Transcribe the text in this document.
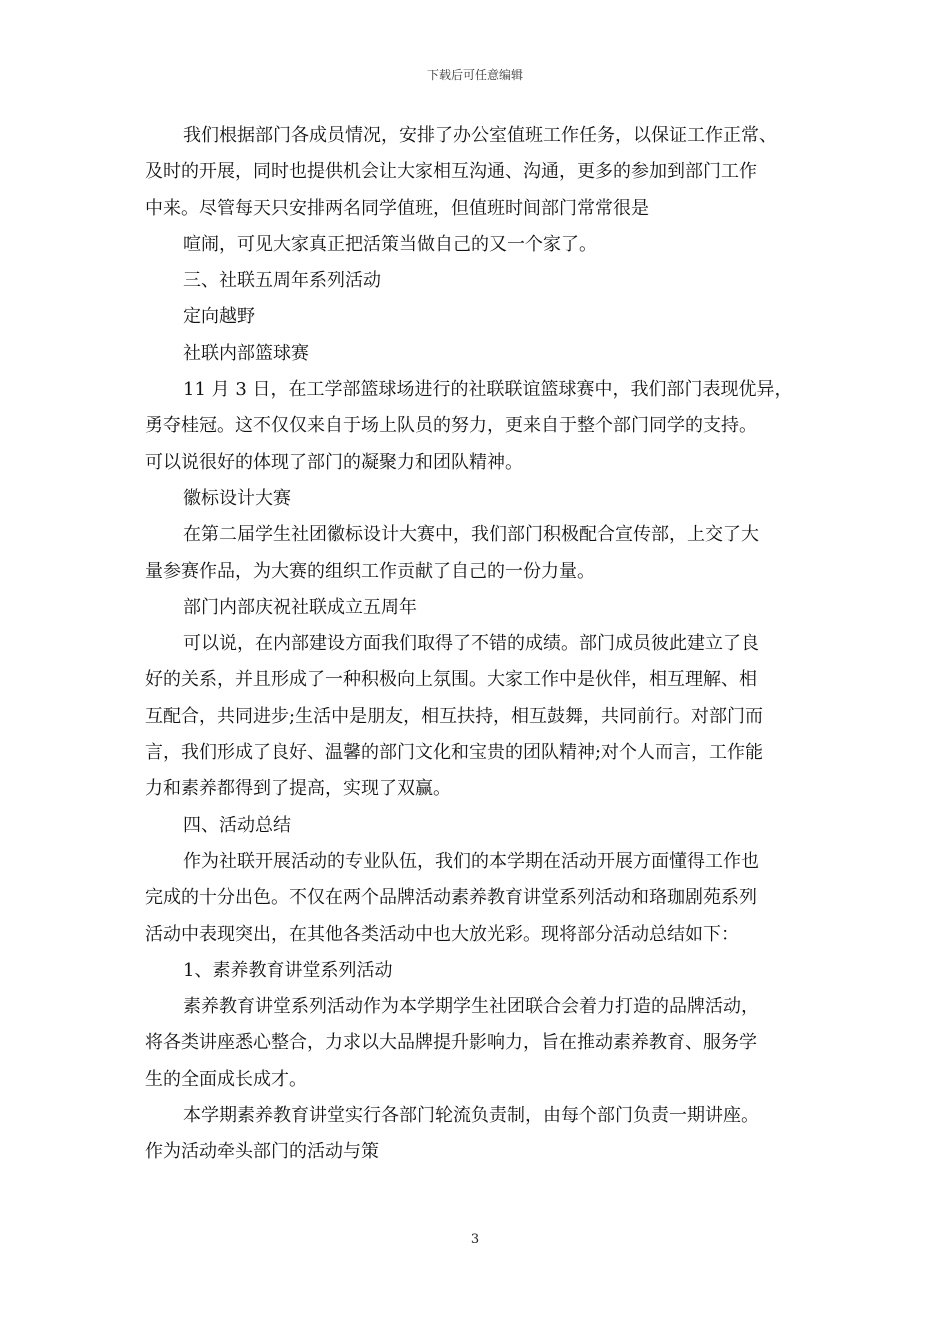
下载后可任意编辑
我们根据部门各成员情况，安排了办公室值班工作任务，以保证工作正常、
及时的开展，同时也提供机会让大家相互沟通、沟通，更多的参加到部门工作
中来。尽管每天只安排两名同学值班，但值班时间部门常常很是
喧闹，可见大家真正把活策当做自己的又一个家了。
三、社联五周年系列活动
定向越野
社联内部篮球赛
11 月 3 日，在工学部篮球场进行的社联联谊篮球赛中，我们部门表现优异，
勇夺桂冠。这不仅仅来自于场上队员的努力，更来自于整个部门同学的支持。
可以说很好的体现了部门的凝聚力和团队精神。
徽标设计大赛
在第二届学生社团徽标设计大赛中，我们部门积极配合宣传部，上交了大
量参赛作品，为大赛的组织工作贡献了自己的一份力量。
部门内部庆祝社联成立五周年
可以说，在内部建设方面我们取得了不错的成绩。部门成员彼此建立了良
好的关系，并且形成了一种积极向上氛围。大家工作中是伙伴，相互理解、相
互配合，共同进步;生活中是朋友，相互扶持，相互鼓舞，共同前行。对部门而
言，我们形成了良好、温馨的部门文化和宝贵的团队精神;对个人而言，工作能
力和素养都得到了提高，实现了双赢。
四、活动总结
作为社联开展活动的专业队伍，我们的本学期在活动开展方面懂得工作也
完成的十分出色。不仅在两个品牌活动素养教育讲堂系列活动和珞珈剧苑系列
活动中表现突出，在其他各类活动中也大放光彩。现将部分活动总结如下：
1、素养教育讲堂系列活动
素养教育讲堂系列活动作为本学期学生社团联合会着力打造的品牌活动，
将各类讲座悉心整合，力求以大品牌提升影响力，旨在推动素养教育、服务学
生的全面成长成才。
本学期素养教育讲堂实行各部门轮流负责制，由每个部门负责一期讲座。
作为活动牵头部门的活动与策
3
